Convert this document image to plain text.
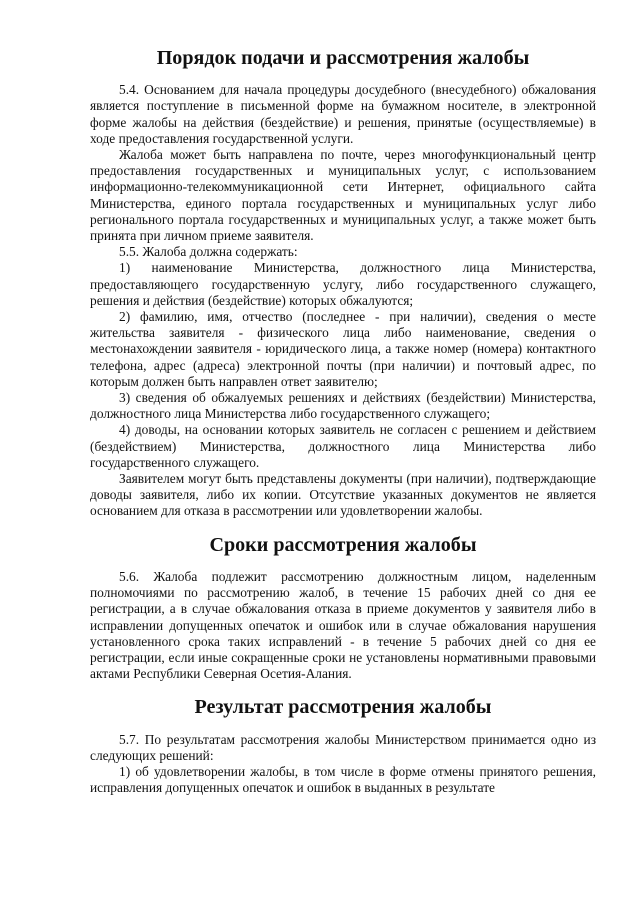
Порядок подачи и рассмотрения жалобы

5.4. Основанием для начала процедуры досудебного (внесудебного) обжалования является поступление в письменной форме на бумажном носителе, в электронной форме жалобы на действия (бездействие) и решения, принятые (осуществляемые) в ходе предоставления государственной услуги.

Жалоба может быть направлена по почте, через многофункциональный центр предоставления государственных и муниципальных услуг, с использованием информационно-телекоммуникационной сети Интернет, официального сайта Министерства, единого портала государственных и муниципальных услуг либо регионального портала государственных и муниципальных услуг, а также может быть принята при личном приеме заявителя.

5.5. Жалоба должна содержать:

1) наименование Министерства, должностного лица Министерства, предоставляющего государственную услугу, либо государственного служащего, решения и действия (бездействие) которых обжалуются;

2) фамилию, имя, отчество (последнее - при наличии), сведения о месте жительства заявителя - физического лица либо наименование, сведения о местонахождении заявителя - юридического лица, а также номер (номера) контактного телефона, адрес (адреса) электронной почты (при наличии) и почтовый адрес, по которым должен быть направлен ответ заявителю;

3) сведения об обжалуемых решениях и действиях (бездействии) Министерства, должностного лица Министерства либо государственного служащего;

4) доводы, на основании которых заявитель не согласен с решением и действием (бездействием) Министерства, должностного лица Министерства либо государственного служащего.

Заявителем могут быть представлены документы (при наличии), подтверждающие доводы заявителя, либо их копии. Отсутствие указанных документов не является основанием для отказа в рассмотрении или удовлетворении жалобы.

Сроки рассмотрения жалобы

5.6. Жалоба подлежит рассмотрению должностным лицом, наделенным полномочиями по рассмотрению жалоб, в течение 15 рабочих дней со дня ее регистрации, а в случае обжалования отказа в приеме документов у заявителя либо в исправлении допущенных опечаток и ошибок или в случае обжалования нарушения установленного срока таких исправлений - в течение 5 рабочих дней со дня ее регистрации, если иные сокращенные сроки не установлены нормативными правовыми актами Республики Северная Осетия-Алания.

Результат рассмотрения жалобы

5.7. По результатам рассмотрения жалобы Министерством принимается одно из следующих решений:

1) об удовлетворении жалобы, в том числе в форме отмены принятого решения, исправления допущенных опечаток и ошибок в выданных в результате
